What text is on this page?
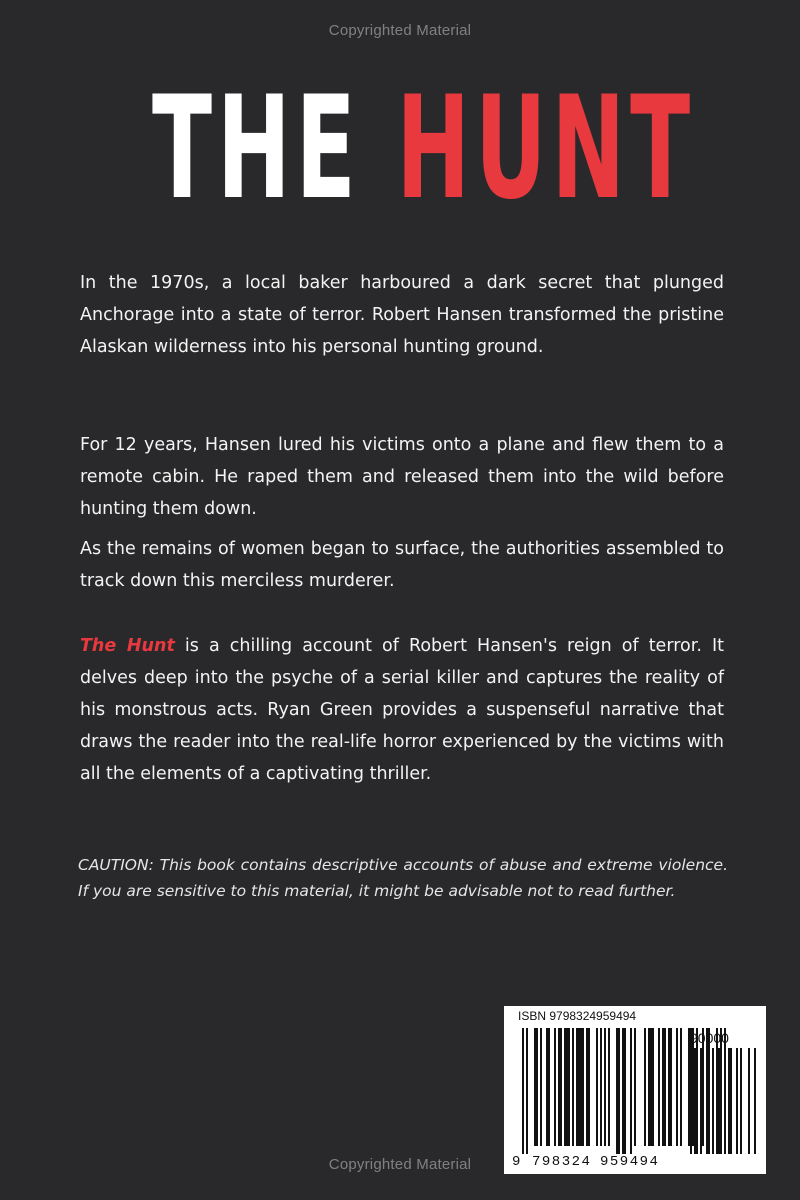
Copyrighted Material
THE HUNT

In the 1970s, a local baker harboured a dark secret that plunged Anchorage into a state of terror. Robert Hansen transformed the pristine Alaskan wilderness into his personal hunting ground.

For 12 years, Hansen lured his victims onto a plane and flew them to a remote cabin. He raped them and released them into the wild before hunting them down.

As the remains of women began to surface, the authorities assembled to track down this merciless murderer.

The Hunt is a chilling account of Robert Hansen's reign of terror. It delves deep into the psyche of a serial killer and captures the reality of his monstrous acts. Ryan Green provides a suspenseful narrative that draws the reader into the real-life horror experienced by the victims with all the elements of a captivating thriller.

CAUTION: This book contains descriptive accounts of abuse and extreme violence. If you are sensitive to this material, it might be advisable not to read further.

ISBN 9798324959494
90000
9 798324 959494
Copyrighted Material
